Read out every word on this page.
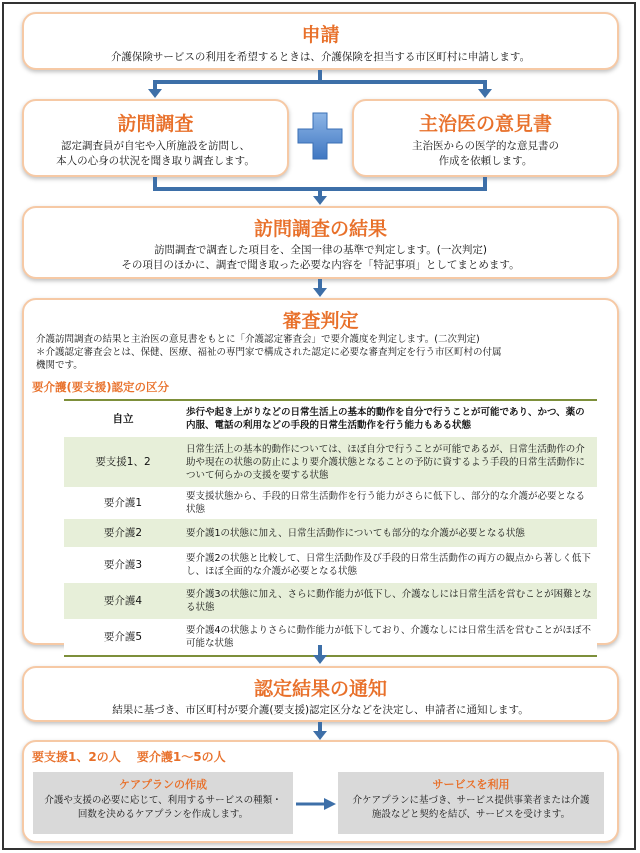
申請
介護保険サービスの利用を希望するときは、介護保険を担当する市区町村に申請します。
訪問調査
認定調査員が自宅や入所施設を訪問し、
本人の心身の状況を聞き取り調査します。
主治医の意見書
主治医からの医学的な意見書の
作成を依頼します。
訪問調査の結果
訪問調査で調査した項目を、全国一律の基準で判定します。(一次判定)
その項目のほかに、調査で聞き取った必要な内容を「特記事項」としてまとめます。
審査判定
介護訪問調査の結果と主治医の意見書をもとに「介護認定審査会」で要介護度を判定します。(二次判定)
＊介護認定審査会とは、保健、医療、福祉の専門家で構成された認定に必要な審査判定を行う市区町村の付属
機関です。
要介護(要支援)認定の区分
自立	歩行や起き上がりなどの日常生活上の基本的動作を自分で行うことが可能であり、かつ、薬の内服、電話の利用などの手段的日常生活動作を行う能力もある状態
要支援1、2	日常生活上の基本的動作については、ほぼ自分で行うことが可能であるが、日常生活動作の介助や現在の状態の防止により要介護状態となることの予防に資するよう手段的日常生活動作について何らかの支援を要する状態
要介護1	要支援状態から、手段的日常生活動作を行う能力がさらに低下し、部分的な介護が必要となる状態
要介護2	要介護1の状態に加え、日常生活動作についても部分的な介護が必要となる状態
要介護3	要介護2の状態と比較して、日常生活動作及び手段的日常生活動作の両方の観点から著しく低下し、ほぼ全面的な介護が必要となる状態
要介護4	要介護3の状態に加え、さらに動作能力が低下し、介護なしには日常生活を営むことが困難となる状態
要介護5	要介護4の状態よりさらに動作能力が低下しており、介護なしには日常生活を営むことがほぼ不可能な状態
認定結果の通知
結果に基づき、市区町村が要介護(要支援)認定区分などを決定し、申請者に通知します。
要支援1、2の人　 要介護1～5の人
ケアプランの作成
介護や支援の必要に応じて、利用するサービスの種類・
回数を決めるケアプランを作成します。
サービスを利用
介ケアプランに基づき、サービス提供事業者または介護
施設などと契約を結び、サービスを受けます。
